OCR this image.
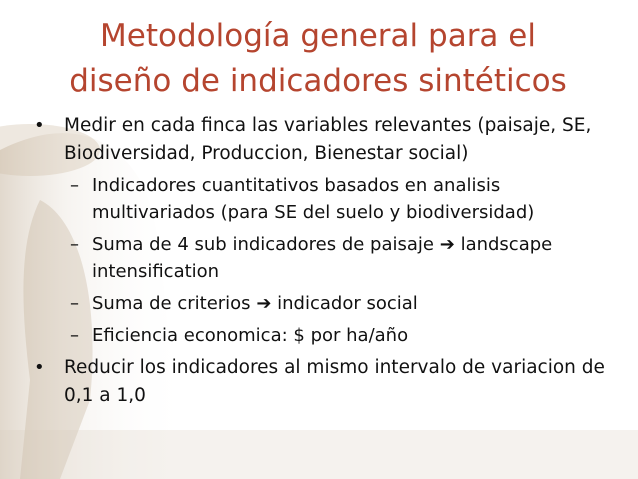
Metodología general para el
diseño de indicadores sintéticos
• Medir en cada finca las variables relevantes (paisaje, SE, Biodiversidad, Produccion, Bienestar social)
– Indicadores cuantitativos basados en analisis multivariados (para SE del suelo y biodiversidad)
– Suma de 4 sub indicadores de paisaje ➔ landscape intensification
– Suma de criterios ➔ indicador social
– Eficiencia economica: $ por ha/año
• Reducir los indicadores al mismo intervalo de variacion de 0,1 a 1,0
